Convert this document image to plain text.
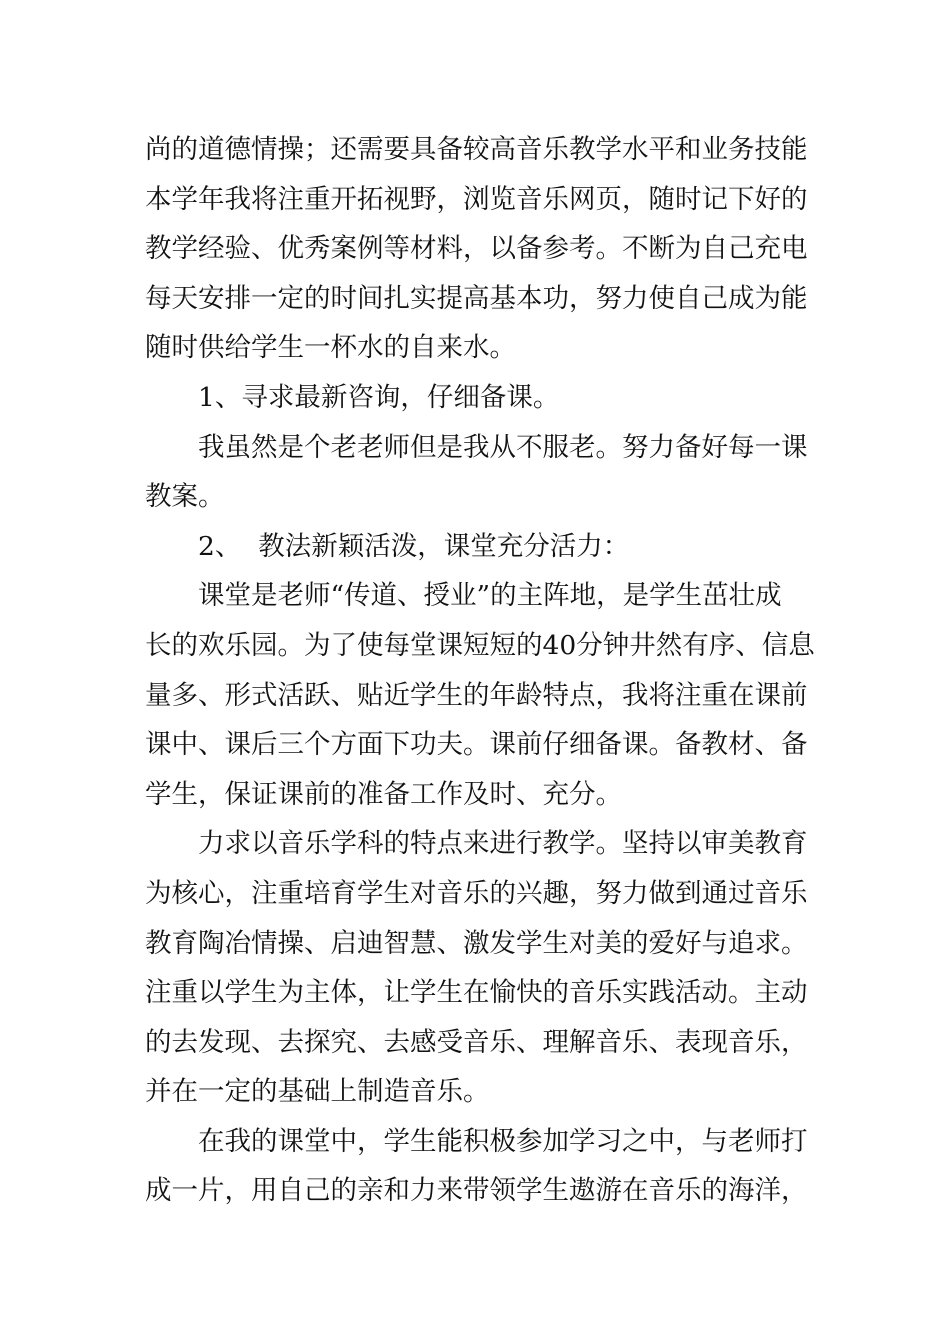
尚的道德情操；还需要具备较高音乐教学水平和业务技能
本学年我将注重开拓视野，浏览音乐网页，随时记下好的
教学经验、优秀案例等材料，以备参考。不断为自己充电
每天安排一定的时间扎实提高基本功，努力使自己成为能
随时供给学生一杯水的自来水。
1、寻求最新咨询，仔细备课。
我虽然是个老老师但是我从不服老。努力备好每一课
教案。
2、  教法新颖活泼，课堂充分活力：
课堂是老师“传道、授业”的主阵地，是学生茁壮成
长的欢乐园。为了使每堂课短短的40分钟井然有序、信息
量多、形式活跃、贴近学生的年龄特点，我将注重在课前
课中、课后三个方面下功夫。课前仔细备课。备教材、备
学生，保证课前的准备工作及时、充分。
力求以音乐学科的特点来进行教学。坚持以审美教育
为核心，注重培育学生对音乐的兴趣，努力做到通过音乐
教育陶冶情操、启迪智慧、激发学生对美的爱好与追求。
注重以学生为主体，让学生在愉快的音乐实践活动。主动
的去发现、去探究、去感受音乐、理解音乐、表现音乐，
并在一定的基础上制造音乐。
在我的课堂中，学生能积极参加学习之中，与老师打
成一片，用自己的亲和力来带领学生遨游在音乐的海洋，
